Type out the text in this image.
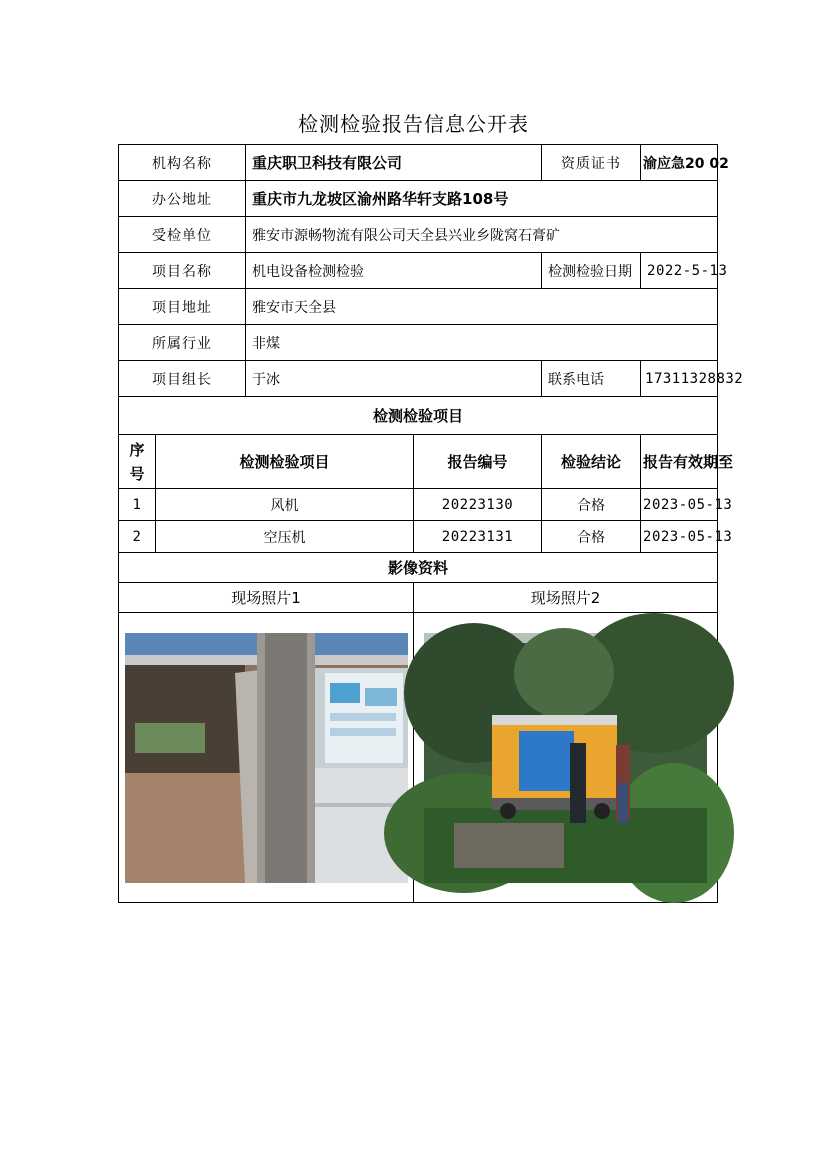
检测检验报告信息公开表
机构名称		重庆职卫科技有限公司		资质证书	渝应急20 02
办公地址		重庆市九龙坡区渝州路华轩支路108号			
受检单位		雅安市源畅物流有限公司天全县兴业乡陇窝石膏矿			
项目名称		机电设备检测检验		检测检验日期	2022-5-13
项目地址		雅安市天全县			
所属行业		非煤			
项目组长		于冰		联系电话	17311328832
检测检验项目					
序号	检测检验项目		报告编号	检验结论	报告有效期至
1	风机		20223130	合格	2023-05-13
2	空压机		20223131	合格	2023-05-13
影像资料					
现场照片1			现场照片2		
